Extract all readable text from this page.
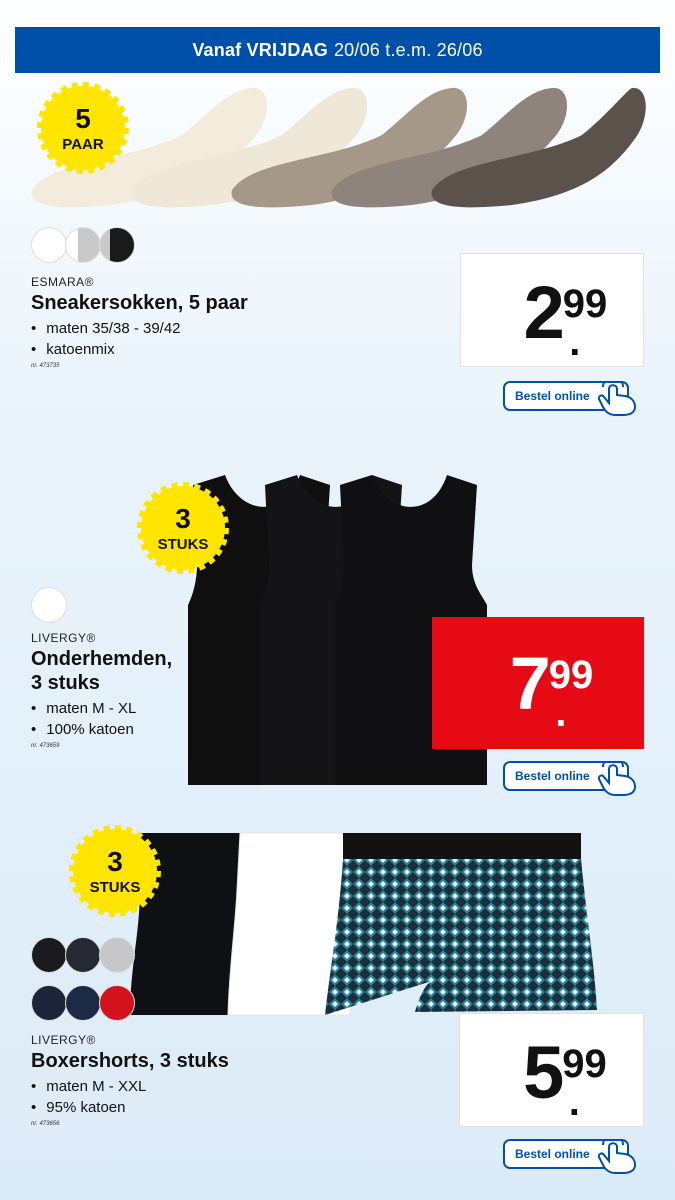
Vanaf VRIJDAG 20/06 t.e.m. 26/06
5
PAAR
ESMARA®
Sneakersokken, 5 paar
• maten 35/38 - 39/42
• katoenmix
nr. 473735
2 99
.
Bestel online
3
STUKS
LIVERGY®
Onderhemden,
3 stuks
• maten M - XL
• 100% katoen
nr. 473659
7 99
.
Bestel online
3
STUKS
LIVERGY®
Boxershorts, 3 stuks
• maten M - XXL
• 95% katoen
nr. 473656
5 99
.
Bestel online
